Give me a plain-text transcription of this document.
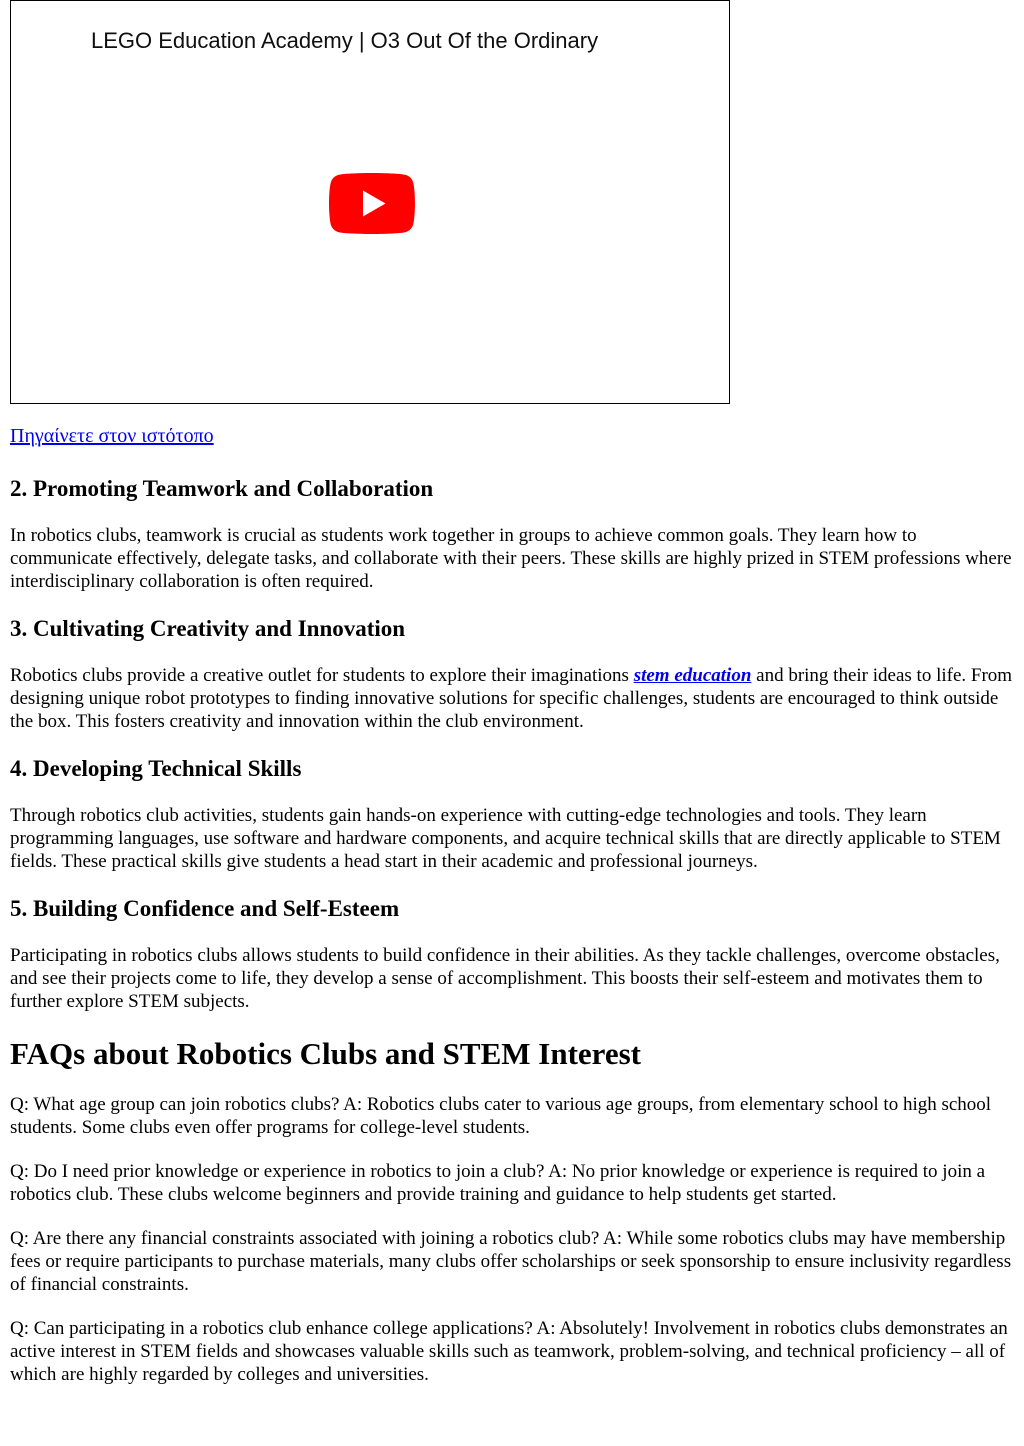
LEGO Education Academy | O3 Out Of the Ordinary
Πηγαίνετε στον ιστότοπο
2. Promoting Teamwork and Collaboration

In robotics clubs, teamwork is crucial as students work together in groups to achieve common goals. They learn how to communicate effectively, delegate tasks, and collaborate with their peers. These skills are highly prized in STEM professions where interdisciplinary collaboration is often required.

3. Cultivating Creativity and Innovation

Robotics clubs provide a creative outlet for students to explore their imaginations stem education and bring their ideas to life. From designing unique robot prototypes to finding innovative solutions for specific challenges, students are encouraged to think outside the box. This fosters creativity and innovation within the club environment.

4. Developing Technical Skills

Through robotics club activities, students gain hands-on experience with cutting-edge technologies and tools. They learn programming languages, use software and hardware components, and acquire technical skills that are directly applicable to STEM fields. These practical skills give students a head start in their academic and professional journeys.

5. Building Confidence and Self-Esteem

Participating in robotics clubs allows students to build confidence in their abilities. As they tackle challenges, overcome obstacles, and see their projects come to life, they develop a sense of accomplishment. This boosts their self-esteem and motivates them to further explore STEM subjects.

FAQs about Robotics Clubs and STEM Interest

Q: What age group can join robotics clubs? A: Robotics clubs cater to various age groups, from elementary school to high school students. Some clubs even offer programs for college-level students.

Q: Do I need prior knowledge or experience in robotics to join a club? A: No prior knowledge or experience is required to join a robotics club. These clubs welcome beginners and provide training and guidance to help students get started.

Q: Are there any financial constraints associated with joining a robotics club? A: While some robotics clubs may have membership fees or require participants to purchase materials, many clubs offer scholarships or seek sponsorship to ensure inclusivity regardless of financial constraints.

Q: Can participating in a robotics club enhance college applications? A: Absolutely! Involvement in robotics clubs demonstrates an active interest in STEM fields and showcases valuable skills such as teamwork, problem-solving, and technical proficiency – all of which are highly regarded by colleges and universities.
